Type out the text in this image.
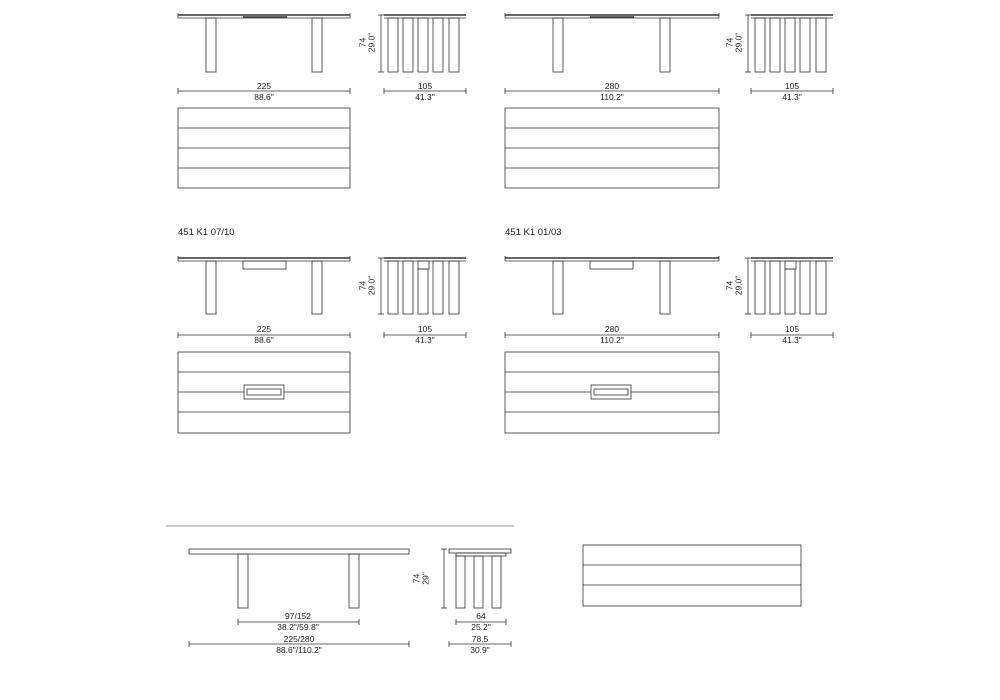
225
88.6"
105
41.3"
74 29.0"
280
110.2"
105
41.3"
74 29.0"
451 K1 07/10	451 K1 01/03
225
88.6"
105
41.3"
74 29.0"
280
110.2"
105
41.3"
74 29.0"
97/152
38.2"/59.8"
225/280
88.6"/110.2"
64
25.2"
78.5
30.9"
74 29"
